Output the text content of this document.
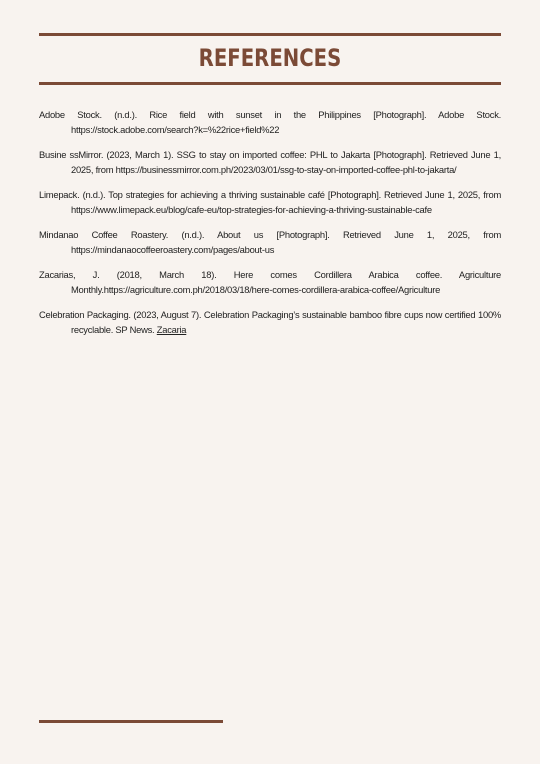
REFERENCES

Adobe Stock. (n.d.). Rice field with sunset in the Philippines [Photograph]. Adobe Stock. https://stock.adobe.com/search?k=%22rice+field%22

Busine ssMirror. (2023, March 1). SSG to stay on imported coffee: PHL to Jakarta [Photograph]. Retrieved June 1, 2025, from https://businessmirror.com.ph/2023/03/01/ssg-to-stay-on-imported-coffee-phl-to-jakarta/

Limepack. (n.d.). Top strategies for achieving a thriving sustainable café [Photograph]. Retrieved June 1, 2025, from https://www.limepack.eu/blog/cafe-eu/top-strategies-for-achieving-a-thriving-sustainable-cafe

Mindanao Coffee Roastery. (n.d.). About us [Photograph]. Retrieved June 1, 2025, from https://mindanaocoffeeroastery.com/pages/about-us

Zacarias, J. (2018, March 18). Here comes Cordillera Arabica coffee. Agriculture Monthly.https://agriculture.com.ph/2018/03/18/here-comes-cordillera-arabica-coffee/Agriculture

Celebration Packaging. (2023, August 7). Celebration Packaging’s sustainable bamboo fibre cups now certified 100% recyclable. SP News. Zacaria
